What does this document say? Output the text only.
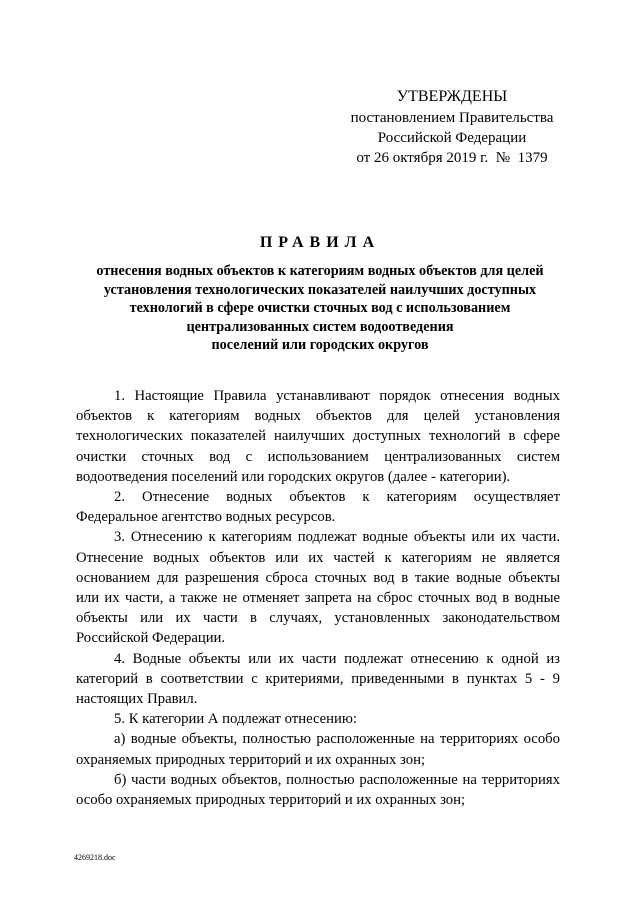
УТВЕРЖДЕНЫ
постановлением Правительства
Российской Федерации
от 26 октября 2019 г.  №  1379
ПРАВИЛА
отнесения водных объектов к категориям водных объектов для целей
установления технологических показателей наилучших доступных
технологий в сфере очистки сточных вод с использованием
централизованных систем водоотведения
поселений или городских округов

1. Настоящие Правила устанавливают порядок отнесения водных объектов к категориям водных объектов для целей установления технологических показателей наилучших доступных технологий в сфере очистки сточных вод с использованием централизованных систем водоотведения поселений или городских округов (далее - категории).

2. Отнесение водных объектов к категориям осуществляет Федеральное агентство водных ресурсов.

3. Отнесению к категориям подлежат водные объекты или их части. Отнесение водных объектов или их частей к категориям не является основанием для разрешения сброса сточных вод в такие водные объекты или их части, а также не отменяет запрета на сброс сточных вод в водные объекты или их части в случаях, установленных законодательством Российской Федерации.

4. Водные объекты или их части подлежат отнесению к одной из категорий в соответствии с критериями, приведенными в пунктах 5 - 9 настоящих Правил.

5. К категории А подлежат отнесению:

а) водные объекты, полностью расположенные на территориях особо охраняемых природных территорий и их охранных зон;

б) части водных объектов, полностью расположенные на территориях особо охраняемых природных территорий и их охранных зон;

4269218.doc
